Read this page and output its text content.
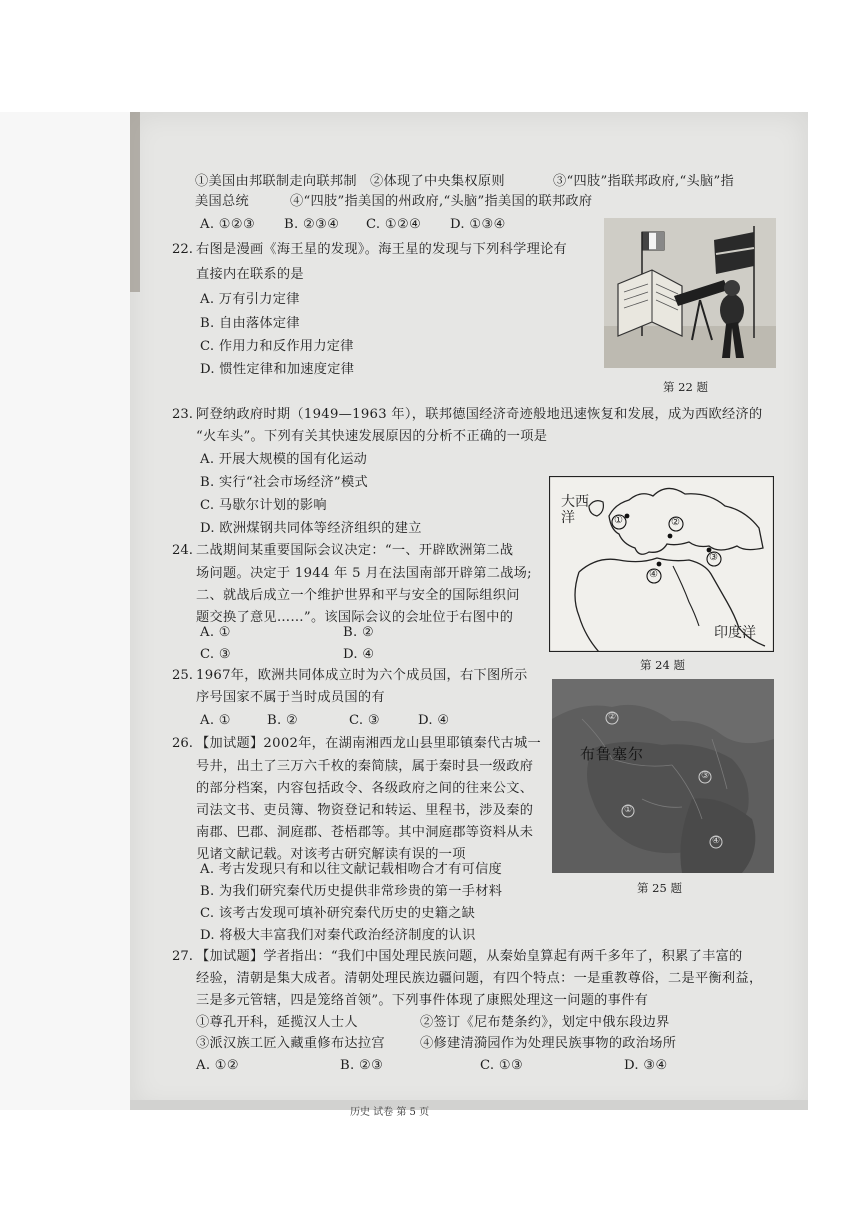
①美国由邦联制走向联邦制 ②体现了中央集权原则	③“四肢”指联邦政府,“头脑”指
美国总统	④“四肢”指美国的州政府,“头脑”指美国的联邦政府
A. ①②③ B. ②③④ C. ①②④ D. ①③④
22. 右图是漫画《海王星的发现》。海王星的发现与下列科学理论有
直接内在联系的是
A. 万有引力定律
B. 自由落体定律
C. 作用力和反作用力定律
D. 惯性定律和加速度定律
第 22 题
23. 阿登纳政府时期（1949—1963 年），联邦德国经济奇迹般地迅速恢复和发展，成为西欧经济的
“火车头”。下列有关其快速发展原因的分析不正确的一项是
A. 开展大规模的国有化运动
B. 实行“社会市场经济”模式
C. 马歇尔计划的影响
D. 欧洲煤钢共同体等经济组织的建立
24. 二战期间某重要国际会议决定：“一、开辟欧洲第二战
场问题。决定于 1944 年 5 月在法国南部开辟第二战场;
二、就战后成立一个维护世界和平与安全的国际组织问
题交换了意见……”。该国际会议的会址位于右图中的
A. ①	B. ②
C. ③	D. ④
大西洋
印度洋
①	②
③
④
第 24 题
25. 1967年，欧洲共同体成立时为六个成员国，右下图所示
序号国家不属于当时成员国的有
A. ①	B. ②	C. ③	D. ④
布鲁塞尔
②
③
①
④
第 25 题
26. 【加试题】2002年，在湖南湘西龙山县里耶镇秦代古城一
号井，出土了三万六千枚的秦简牍，属于秦时县一级政府
的部分档案，内容包括政令、各级政府之间的往来公文、
司法文书、吏员簿、物资登记和转运、里程书，涉及秦的
南郡、巴郡、洞庭郡、苍梧郡等。其中洞庭郡等资料从未
见诸文献记载。对该考古研究解读有误的一项
A. 考古发现只有和以往文献记载相吻合才有可信度
B. 为我们研究秦代历史提供非常珍贵的第一手材料
C. 该考古发现可填补研究秦代历史的史籍之缺
D. 将极大丰富我们对秦代政治经济制度的认识
27. 【加试题】学者指出：“我们中国处理民族问题，从秦始皇算起有两千多年了，积累了丰富的
经验，清朝是集大成者。清朝处理民族边疆问题，有四个特点：一是重教尊俗，二是平衡利益，
三是多元管辖，四是笼络首领”。下列事件体现了康熙处理这一问题的事件有
①尊孔开科，延揽汉人士人	②签订《尼布楚条约》，划定中俄东段边界
③派汉族工匠入藏重修布达拉宫	④修建清漪园作为处理民族事物的政治场所
A. ①②	B. ②③	C. ①③	D. ③④
历史 试卷 第 5 页
